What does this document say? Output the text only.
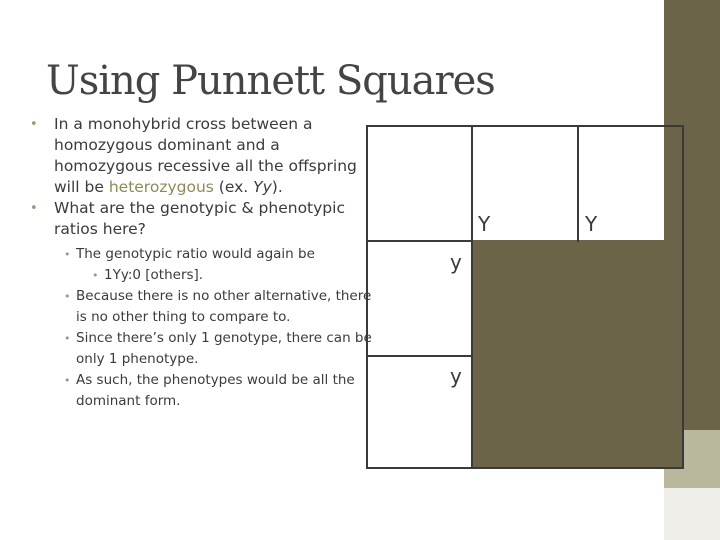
Using Punnett Squares

• In a monohybrid cross between a homozygous dominant and a homozygous recessive all the offspring will be heterozygous (ex. Yy).

• What are the genotypic & phenotypic ratios here?

• The genotypic ratio would again be

• 1Yy:0 [others].

• Because there is no other alternative, there is no other thing to compare to.

• Since there’s only 1 genotype, there can be only 1 phenotype.

• As such, the phenotypes would be all the dominant form.

Y	Y
y
y
